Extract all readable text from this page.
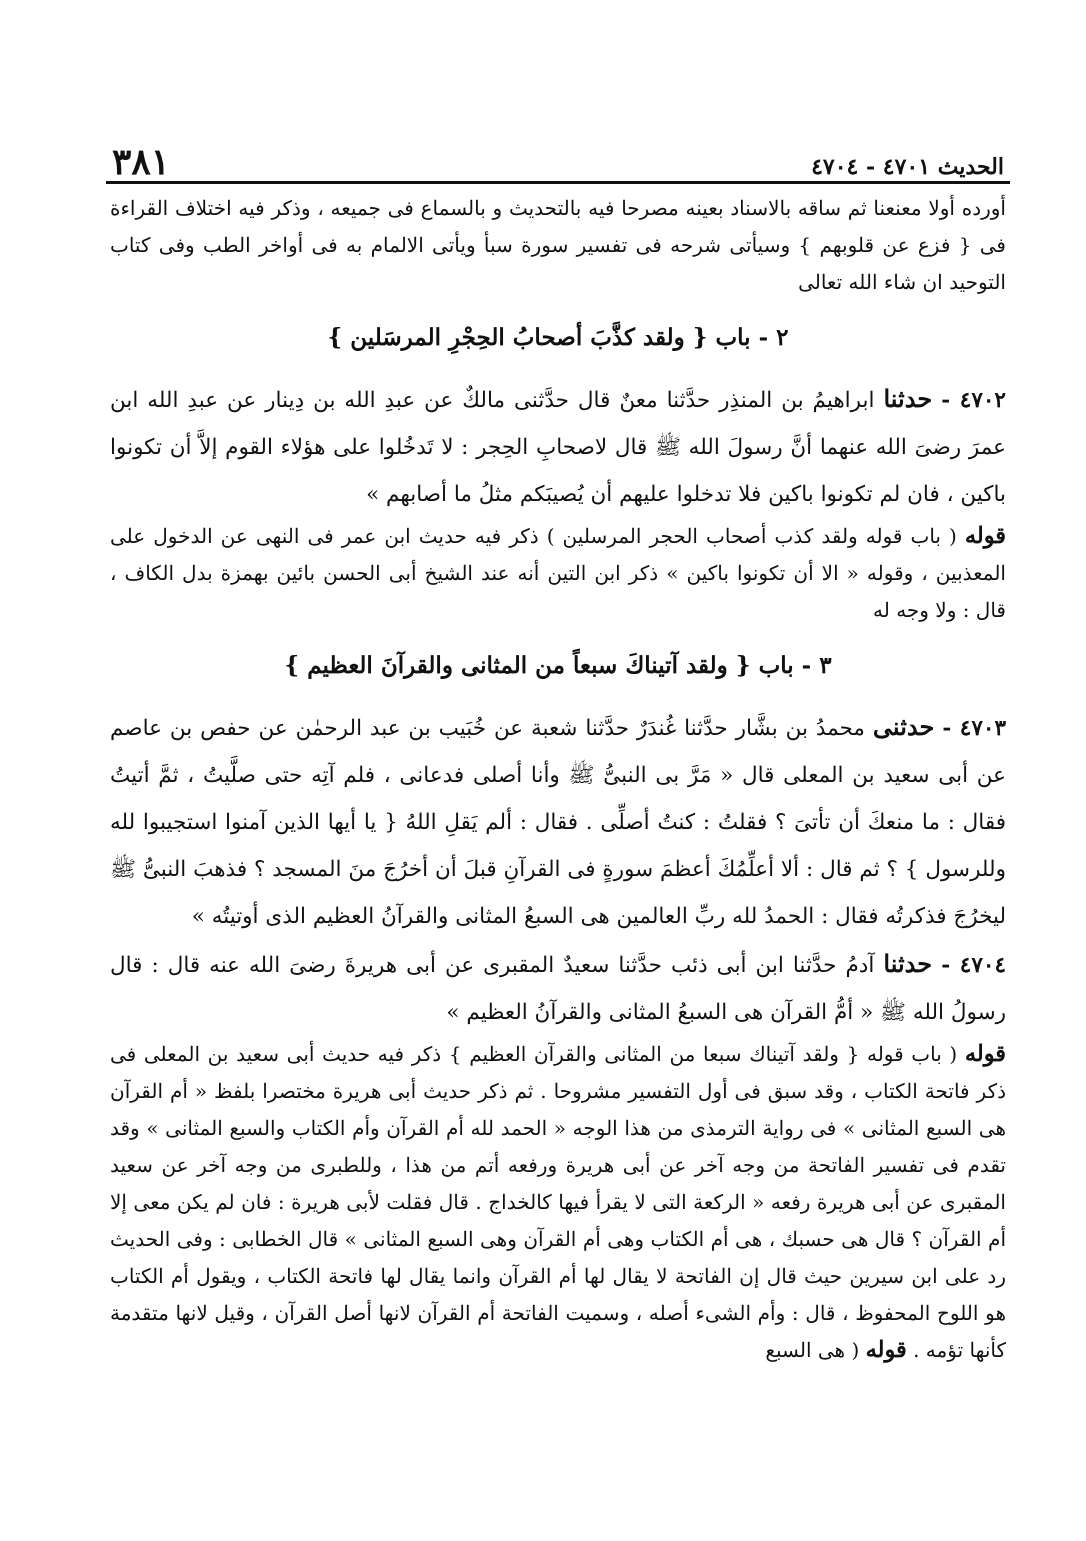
الحديث ٤٧٠١ - ٤٧٠٤
٣٨١

أورده أولا معنعنا ثم ساقه بالاسناد بعينه مصرحا فيه بالتحديث و بالسماع فى جميعه ، وذكر فيه اختلاف القراءة فى { فزع عن قلوبهم } وسيأتى شرحه فى تفسير سورة سبأ ويأتى الالمام به فى أواخر الطب وفى كتاب التوحيد ان شاء الله تعالى

٢ - باب { ولقد كذَّبَ أصحابُ الحِجْرِ المرسَلين }

٤٧٠٢ - حدثنا ابراهيمُ بن المنذِر حدَّثنا معنٌ قال حدَّثنى مالكٌ عن عبدِ الله بن دِينار عن عبدِ الله ابن عمرَ رضىَ الله عنهما أنَّ رسولَ الله ﷺ قال لاصحابِ الحِجر : لا تَدخُلوا على هؤلاء القوم إلاَّ أن تكونوا باكين ، فان لم تكونوا باكين فلا تدخلوا عليهم أن يُصيبَكم مثلُ ما أصابهم »

قوله ( باب قوله ولقد كذب أصحاب الحجر المرسلين ) ذكر فيه حديث ابن عمر فى النهى عن الدخول على المعذبين ، وقوله « الا أن تكونوا باكين » ذكر ابن التين أنه عند الشيخ أبى الحسن بائين بهمزة بدل الكاف ، قال : ولا وجه له

٣ - باب { ولقد آتيناكَ سبعاً من المثانى والقرآنَ العظيم }

٤٧٠٣ - حدثنى محمدُ بن بشَّار حدَّثنا غُندَرٌ حدَّثنا شعبة عن خُبَيب بن عبد الرحمٰن عن حفص بن عاصم عن أبى سعيد بن المعلى قال « مَرَّ بى النبىُّ ﷺ وأنا أصلى فدعانى ، فلم آتِه حتى صلَّيتُ ، ثمَّ أتيتُ فقال : ما منعكَ أن تأتىَ ؟ فقلتُ : كنتُ أصلِّى . فقال : ألم يَقلِ اللهُ { يا أيها الذين آمنوا استجيبوا لله وللرسول } ؟ ثم قال : ألا أعلِّمُكَ أعظمَ سورةٍ فى القرآنِ قبلَ أن أخرُجَ منَ المسجد ؟ فذهبَ النبىُّ ﷺ ليخرُجَ فذكرتُه فقال : الحمدُ لله ربِّ العالمين هى السبعُ المثانى والقرآنُ العظيم الذى أوتيتُه »

٤٧٠٤ - حدثنا آدمُ حدَّثنا ابن أبى ذئب حدَّثنا سعيدٌ المقبرى عن أبى هريرةَ رضىَ الله عنه قال : قال رسولُ الله ﷺ « أمُّ القرآن هى السبعُ المثانى والقرآنُ العظيم »

قوله ( باب قوله { ولقد آتيناك سبعا من المثانى والقرآن العظيم } ذكر فيه حديث أبى سعيد بن المعلى فى ذكر فاتحة الكتاب ، وقد سبق فى أول التفسير مشروحا . ثم ذكر حديث أبى هريرة مختصرا بلفظ « أم القرآن هى السبع المثانى » فى رواية الترمذى من هذا الوجه « الحمد لله أم القرآن وأم الكتاب والسبع المثانى » وقد تقدم فى تفسير الفاتحة من وجه آخر عن أبى هريرة ورفعه أتم من هذا ، وللطبرى من وجه آخر عن سعيد المقبرى عن أبى هريرة رفعه « الركعة التى لا يقرأ فيها كالخداج . قال فقلت لأبى هريرة : فان لم يكن معى إلا أم القرآن ؟ قال هى حسبك ، هى أم الكتاب وهى أم القرآن وهى السبع المثانى » قال الخطابى : وفى الحديث رد على ابن سيرين حيث قال إن الفاتحة لا يقال لها أم القرآن وانما يقال لها فاتحة الكتاب ، ويقول أم الكتاب هو اللوح المحفوظ ، قال : وأم الشىء أصله ، وسميت الفاتحة أم القرآن لانها أصل القرآن ، وقيل لانها متقدمة كأنها تؤمه . قوله ( هى السبع
